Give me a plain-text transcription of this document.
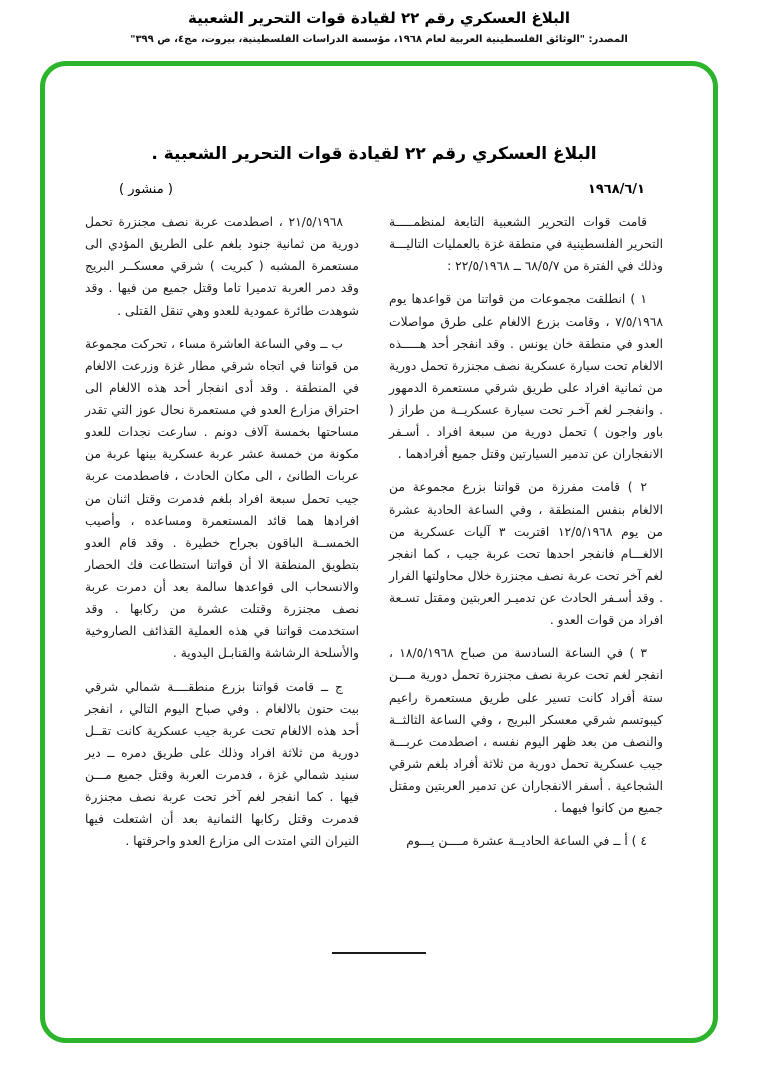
البلاغ العسكري رقم ٢٢ لقيادة قوات التحرير الشعبية
المصدر: "الوثائق الفلسطينية العربية لعام ١٩٦٨، مؤسسة الدراسات الفلسطينية، بيروت، مج٤، ص ٣٩٩"
البلاغ العسكري رقم ٢٢ لقيادة قوات التحرير الشعبية .
١٩٦٨/٦/١
( منشور )

قامت قوات التحرير الشعبية التابعة لمنظمـــــة التحرير الفلسطينية في منطقة غزة بالعمليات التاليـــة وذلك في الفترة من ٦٨/٥/٧ ــ ٢٢/٥/١٩٦٨ :

١ ) انطلقت مجموعات من قواتنا من قواعدها يوم ٧/٥/١٩٦٨ ، وقامت بزرع الالغام على طرق مواصلات العدو في منطقة خان يونس . وقد انفجر أحد هـــــذه الالغام تحت سيارة عسكرية نصف مجنزرة تحمل دورية من ثمانية افراد على طريق شرقي مستعمرة الدمهور . وانفجـر لغم آخـر تحت سيارة عسكريــة من طراز ( باور واجون ) تحمل دورية من سبعة افراد . أسـفر الانفجاران عن تدمير السيارتين وقتل جميع أفرادهما .

٢ ) قامت مفرزة من قواتنا بزرع مجموعة من الالغام بنفس المنطقة ، وفي الساعة الحادية عشرة من يوم ١٢/٥/١٩٦٨ اقتربت ٣ آليات عسكرية من الالغـــام فانفجر احدها تحت عربة جيب ، كما انفجر لغم آخر تحت عربة نصف مجنزرة خلال محاولتها الفرار . وقد أسـفر الحادث عن تدميـر العربتين ومقتل تسـعة افراد من قوات العدو .

٣ ) في الساعة السادسة من صباح ١٨/٥/١٩٦٨ ، انفجر لغم تحت عربة نصف مجنزرة تحمل دورية مـــن ستة أفراد كانت تسير على طريق مستعمرة راعيم كيبوتسم شرقي معسكر البريج ، وفي الساعة الثالثــة والنصف من بعد ظهر اليوم نفسه ، اصطدمت عربـــة جيب عسكرية تحمل دورية من ثلاثة أفراد بلغم شرقي الشجاعية . أسفر الانفجاران عن تدمير العربتين ومقتل جميع من كانوا فيهما .

٤ ) أ ــ في الساعة الحاديــة عشرة مــــن يـــوم

٢١/٥/١٩٦٨ ، اصطدمت عربة نصف مجنزرة تحمل دورية من ثمانية جنود بلغم على الطريق المؤدي الى مستعمرة المشبه ( كبريت ) شرقي معسكــر البريج وقد دمر العربة تدميرا تاما وقتل جميع من فيها . وقد شوهدت طائرة عمودية للعدو وهي تنقل القتلى .

ب ــ وفي الساعة العاشرة مساء ، تحركت مجموعة من قواتنا في اتجاه شرقي مطار غزة وزرعت الالغام في المنطقة . وقد أدى انفجار أحد هذه الالغام الى احتراق مزارع العدو في مستعمرة نحال عوز التي تقدر مساحتها بخمسة آلاف دونم . سارعت نجدات للعدو مكونة من خمسة عشر عربة عسكرية بينها عربة من عربات الطانئ ، الى مكان الحادث ، فاصطدمت عربة جيب تحمل سبعة افراد بلغم فدمرت وقتل اثنان من افرادها هما قائد المستعمرة ومساعده ، وأصيب الخمســة الباقون بجراح خطيرة . وقد قام العدو بتطويق المنطقة الا أن قواتنا استطاعت فك الحصار والانسحاب الى قواعدها سالمة بعد أن دمرت عربة نصف مجنزرة وقتلت عشرة من ركابها . وقد استخدمت قواتنا في هذه العملية القذائف الصاروخية والأسلحة الرشاشة والقنابـل اليدوية .

ج ــ قامت قواتنا بزرع منطقــــة شمالي شرقي بيت حنون بالالغام . وفي صباح اليوم التالي ، انفجر أحد هذه الالغام تحت عربة جيب عسكرية كانت تقــل دورية من ثلاثة افراد وذلك على طريق دمره ــ دير سنيد شمالي غزة ، فدمرت العربة وقتل جميع مـــن فيها . كما انفجر لغم آخر تحت عربة نصف مجنزرة فدمرت وقتل ركابها الثمانية بعد أن اشتعلت فيها النيران التي امتدت الى مزارع العدو واحرقتها .
